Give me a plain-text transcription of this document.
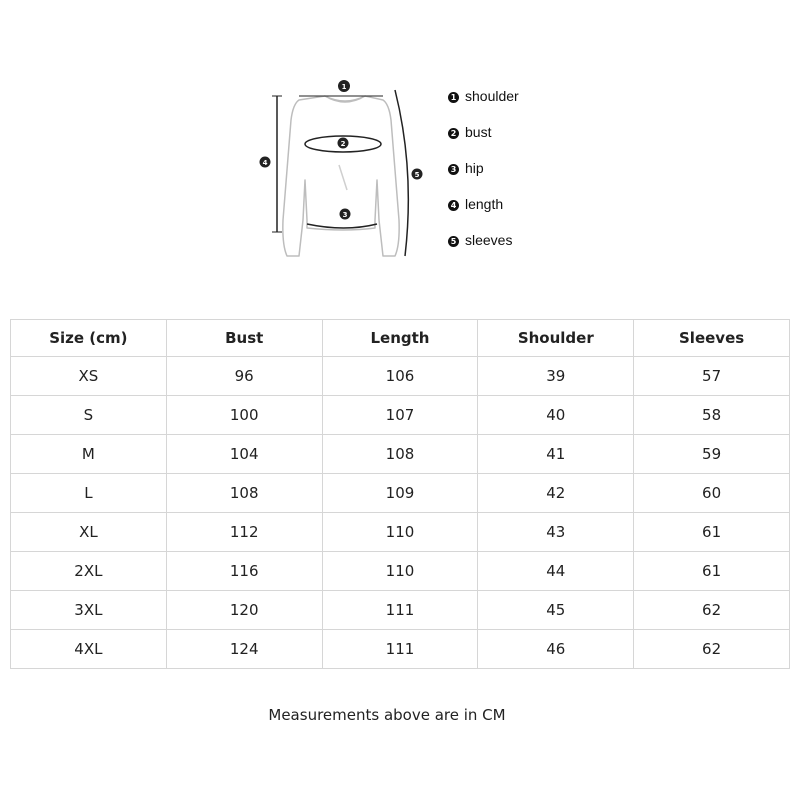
1
2
3
4
5
1 shoulder
2 bust
3 hip
4 length
5 sleeves
Size (cm)	Bust	Length	Shoulder	Sleeves
XS	96	106	39	57
S	100	107	40	58
M	104	108	41	59
L	108	109	42	60
XL	112	110	43	61
2XL	116	110	44	61
3XL	120	111	45	62
4XL	124	111	46	62
Measurements above are in CM
